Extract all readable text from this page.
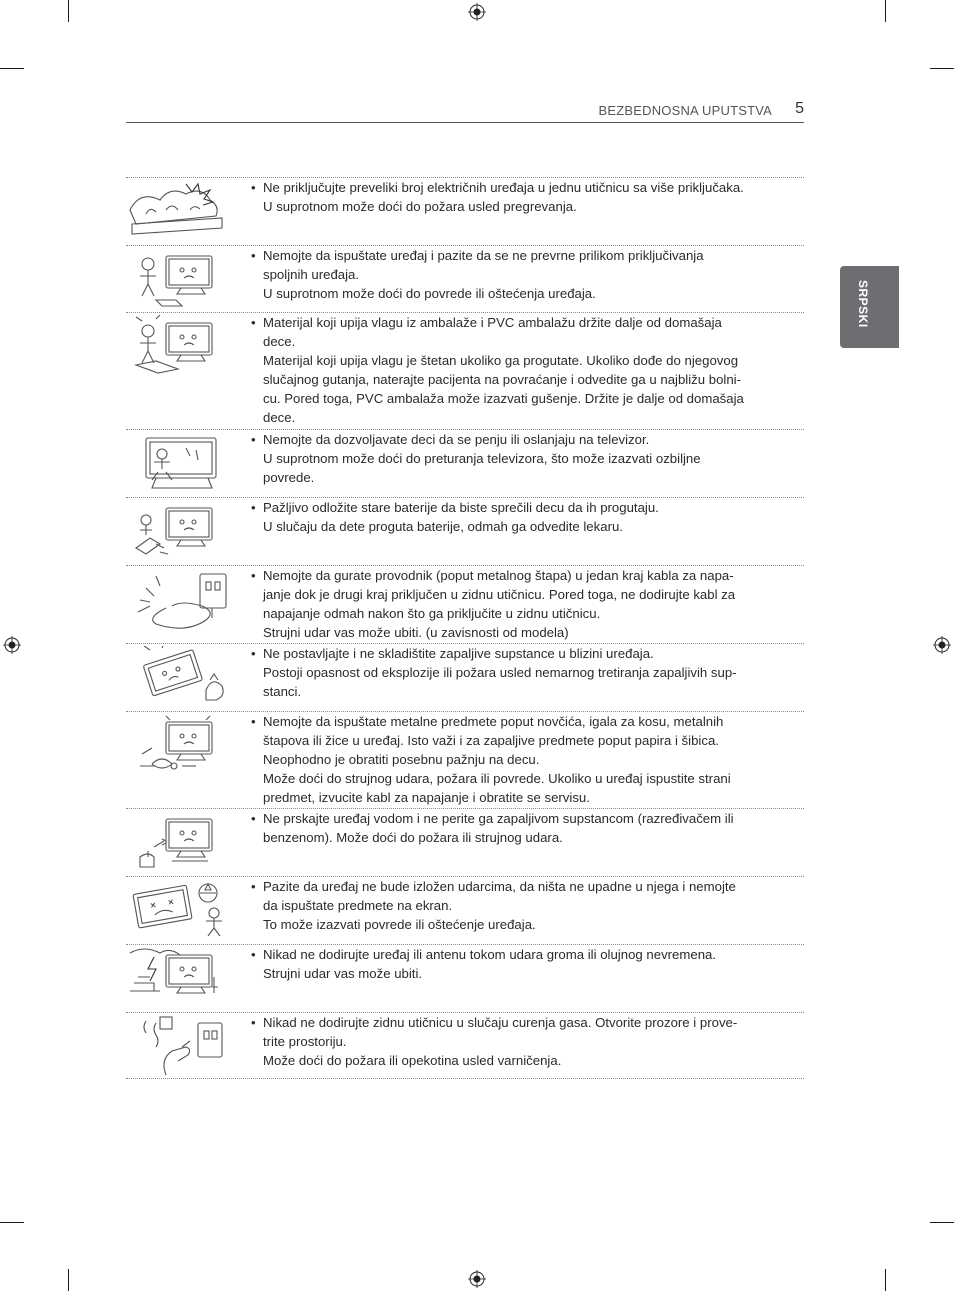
BEZBEDNOSNA UPUTSTVA 5
SRPSKI
• Ne priključujte preveliki broj električnih uređaja u jednu utičnicu sa više priključaka.
U suprotnom može doći do požara usled pregrevanja.
• Nemojte da ispuštate uređaj i pazite da se ne prevrne prilikom priključivanja
spoljnih uređaja.
U suprotnom može doći do povrede ili oštećenja uređaja.
• Materijal koji upija vlagu iz ambalaže i PVC ambalažu držite dalje od domašaja
dece.
Materijal koji upija vlagu je štetan ukoliko ga progutate. Ukoliko dođe do njegovog
slučajnog gutanja, naterajte pacijenta na povraćanje i odvedite ga u najbližu bolni-
cu. Pored toga, PVC ambalaža može izazvati gušenje. Držite je dalje od domašaja
dece.
• Nemojte da dozvoljavate deci da se penju ili oslanjaju na televizor.
U suprotnom može doći do preturanja televizora, što može izazvati ozbiljne
povrede.
• Pažljivo odložite stare baterije da biste sprečili decu da ih progutaju.
U slučaju da dete proguta baterije, odmah ga odvedite lekaru.
• Nemojte da gurate provodnik (poput metalnog štapa) u jedan kraj kabla za napa-
janje dok je drugi kraj priključen u zidnu utičnicu. Pored toga, ne dodirujte kabl za
napajanje odmah nakon što ga priključite u zidnu utičnicu.
Strujni udar vas može ubiti. (u zavisnosti od modela)
• Ne postavljajte i ne skladištite zapaljive supstance u blizini uređaja.
Postoji opasnost od eksplozije ili požara usled nemarnog tretiranja zapaljivih sup-
stanci.
• Nemojte da ispuštate metalne predmete poput novčića, igala za kosu, metalnih
štapova ili žice u uređaj. Isto važi i za zapaljive predmete poput papira i šibica.
Neophodno je obratiti posebnu pažnju na decu.
Može doći do strujnog udara, požara ili povrede. Ukoliko u uređaj ispustite strani
predmet, izvucite kabl za napajanje i obratite se servisu.
• Ne prskajte uređaj vodom i ne perite ga zapaljivom supstancom (razređivačem ili
benzenom). Može doći do požara ili strujnog udara.
• Pazite da uređaj ne bude izložen udarcima, da ništa ne upadne u njega i nemojte
da ispuštate predmete na ekran.
To može izazvati povrede ili oštećenje uređaja.
• Nikad ne dodirujte uređaj ili antenu tokom udara groma ili olujnog nevremena.
Strujni udar vas može ubiti.
• Nikad ne dodirujte zidnu utičnicu u slučaju curenja gasa. Otvorite prozore i prove-
trite prostoriju.
Može doći do požara ili opekotina usled varničenja.
